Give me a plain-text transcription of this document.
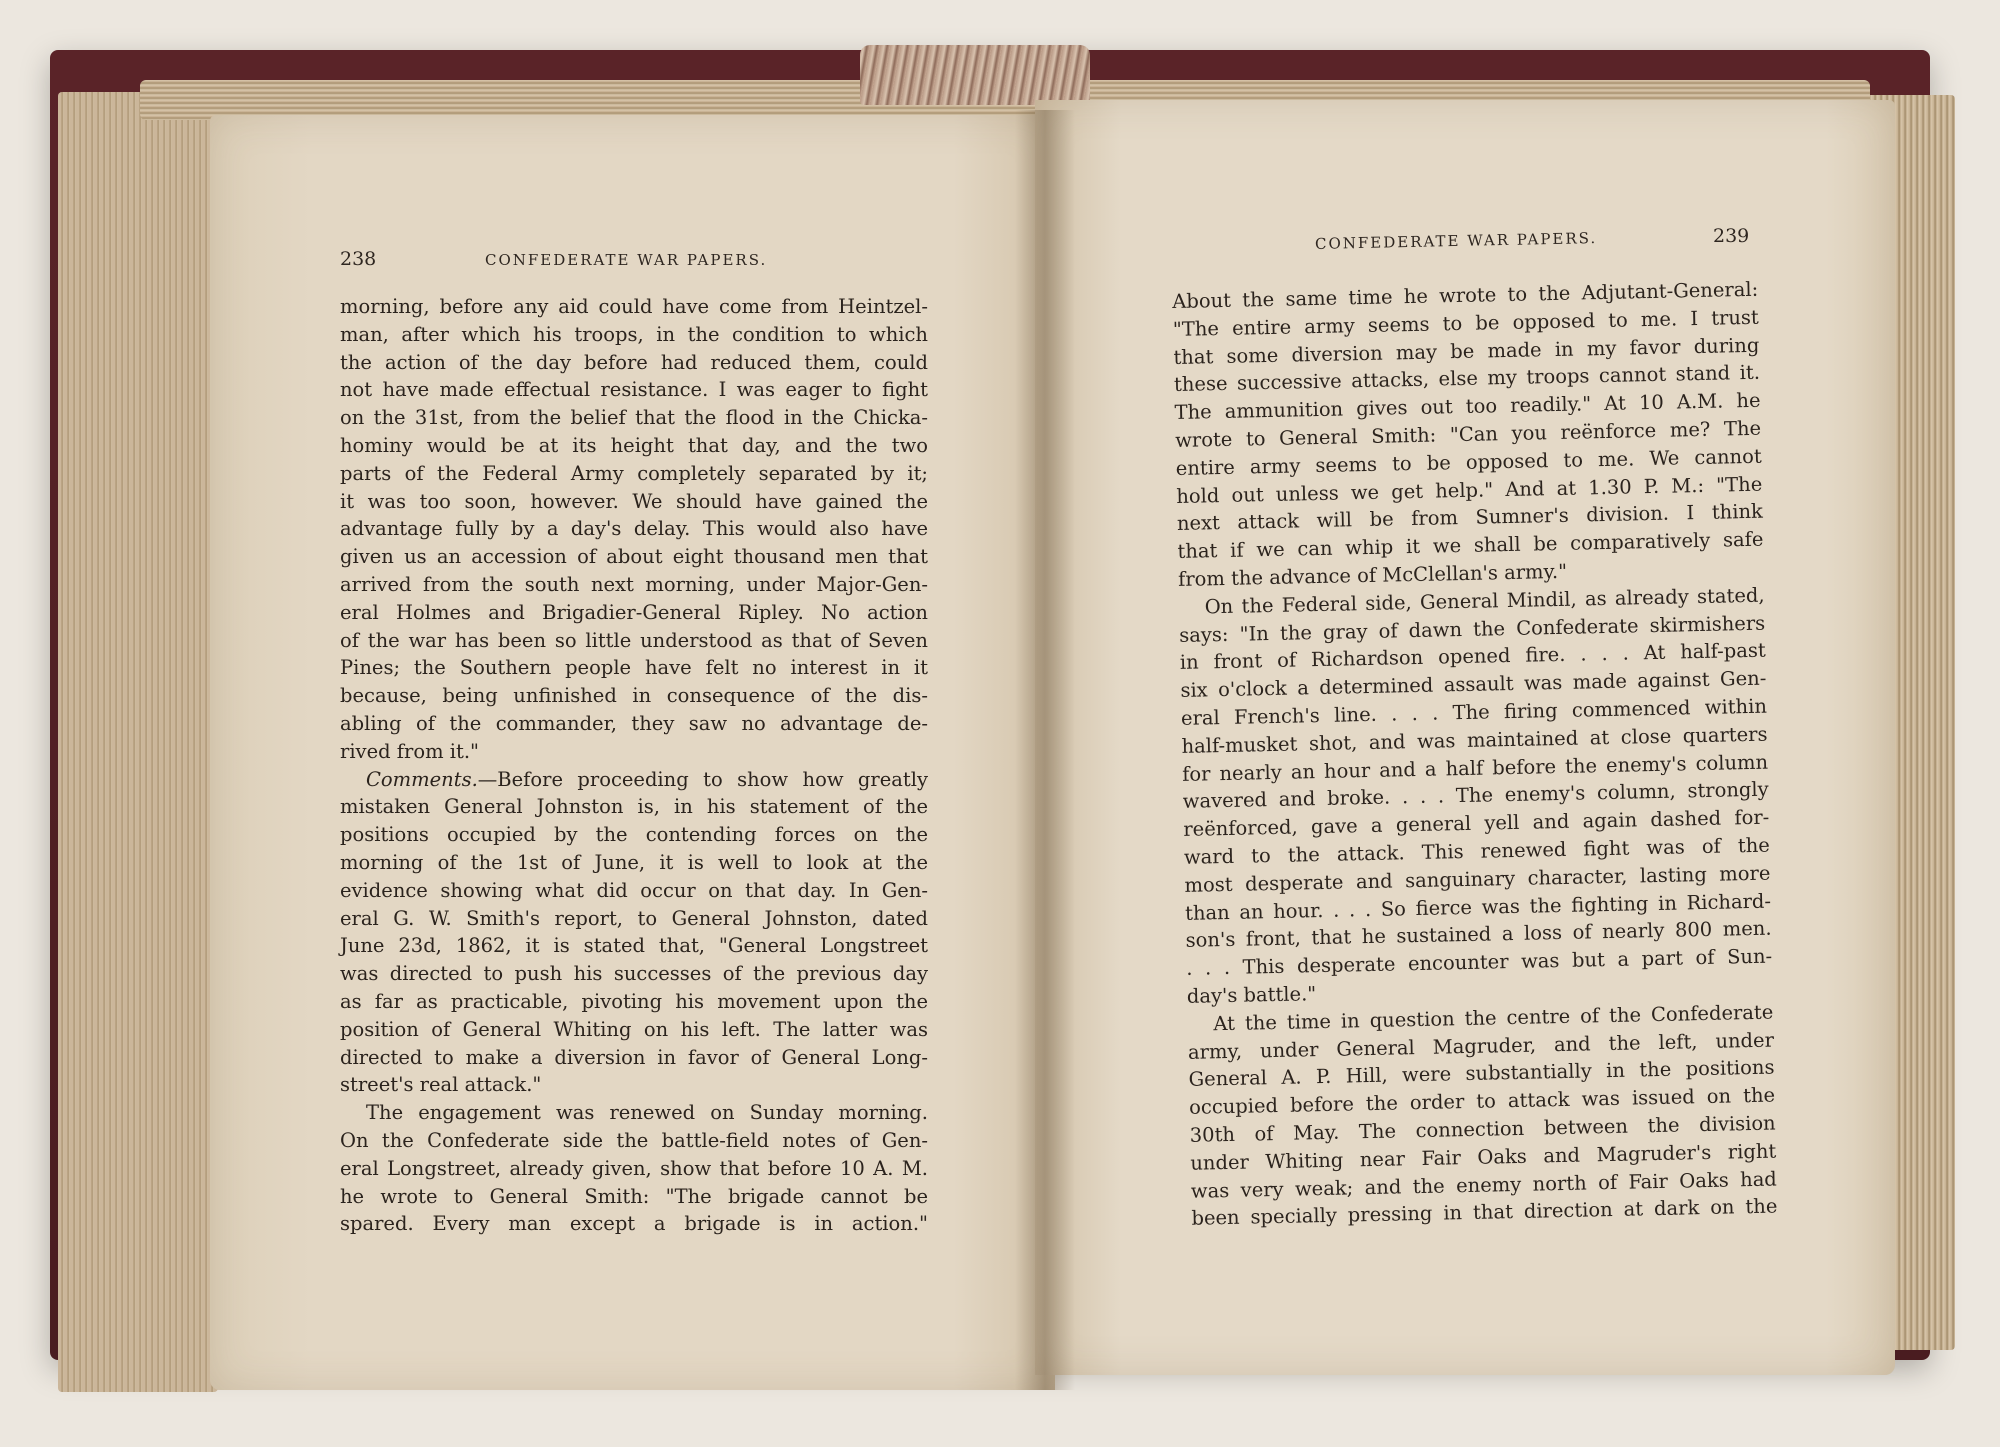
238	CONFEDERATE WAR PAPERS.
morning, before any aid could have come from Heintzel-
man, after which his troops, in the condition to which
the action of the day before had reduced them, could
not have made effectual resistance. I was eager to fight
on the 31st, from the belief that the flood in the Chicka-
hominy would be at its height that day, and the two
parts of the Federal Army completely separated by it;
it was too soon, however. We should have gained the
advantage fully by a day's delay. This would also have
given us an accession of about eight thousand men that
arrived from the south next morning, under Major-Gen-
eral Holmes and Brigadier-General Ripley. No action
of the war has been so little understood as that of Seven
Pines; the Southern people have felt no interest in it
because, being unfinished in consequence of the dis-
abling of the commander, they saw no advantage de-
rived from it."
Comments.—Before proceeding to show how greatly
mistaken General Johnston is, in his statement of the
positions occupied by the contending forces on the
morning of the 1st of June, it is well to look at the
evidence showing what did occur on that day. In Gen-
eral G. W. Smith's report, to General Johnston, dated
June 23d, 1862, it is stated that, "General Longstreet
was directed to push his successes of the previous day
as far as practicable, pivoting his movement upon the
position of General Whiting on his left. The latter was
directed to make a diversion in favor of General Long-
street's real attack."
The engagement was renewed on Sunday morning.
On the Confederate side the battle-field notes of Gen-
eral Longstreet, already given, show that before 10 A. M.
he wrote to General Smith: "The brigade cannot be
spared. Every man except a brigade is in action."
CONFEDERATE WAR PAPERS.	239
About the same time he wrote to the Adjutant-General:
"The entire army seems to be opposed to me. I trust
that some diversion may be made in my favor during
these successive attacks, else my troops cannot stand it.
The ammunition gives out too readily." At 10 A.M. he
wrote to General Smith: "Can you reënforce me? The
entire army seems to be opposed to me. We cannot
hold out unless we get help." And at 1.30 P. M.: "The
next attack will be from Sumner's division. I think
that if we can whip it we shall be comparatively safe
from the advance of McClellan's army."
On the Federal side, General Mindil, as already stated,
says: "In the gray of dawn the Confederate skirmishers
in front of Richardson opened fire. . . . At half-past
six o'clock a determined assault was made against Gen-
eral French's line. . . . The firing commenced within
half-musket shot, and was maintained at close quarters
for nearly an hour and a half before the enemy's column
wavered and broke. . . . The enemy's column, strongly
reënforced, gave a general yell and again dashed for-
ward to the attack. This renewed fight was of the
most desperate and sanguinary character, lasting more
than an hour. . . . So fierce was the fighting in Richard-
son's front, that he sustained a loss of nearly 800 men.
. . . This desperate encounter was but a part of Sun-
day's battle."
At the time in question the centre of the Confederate
army, under General Magruder, and the left, under
General A. P. Hill, were substantially in the positions
occupied before the order to attack was issued on the
30th of May. The connection between the division
under Whiting near Fair Oaks and Magruder's right
was very weak; and the enemy north of Fair Oaks had
been specially pressing in that direction at dark on the
